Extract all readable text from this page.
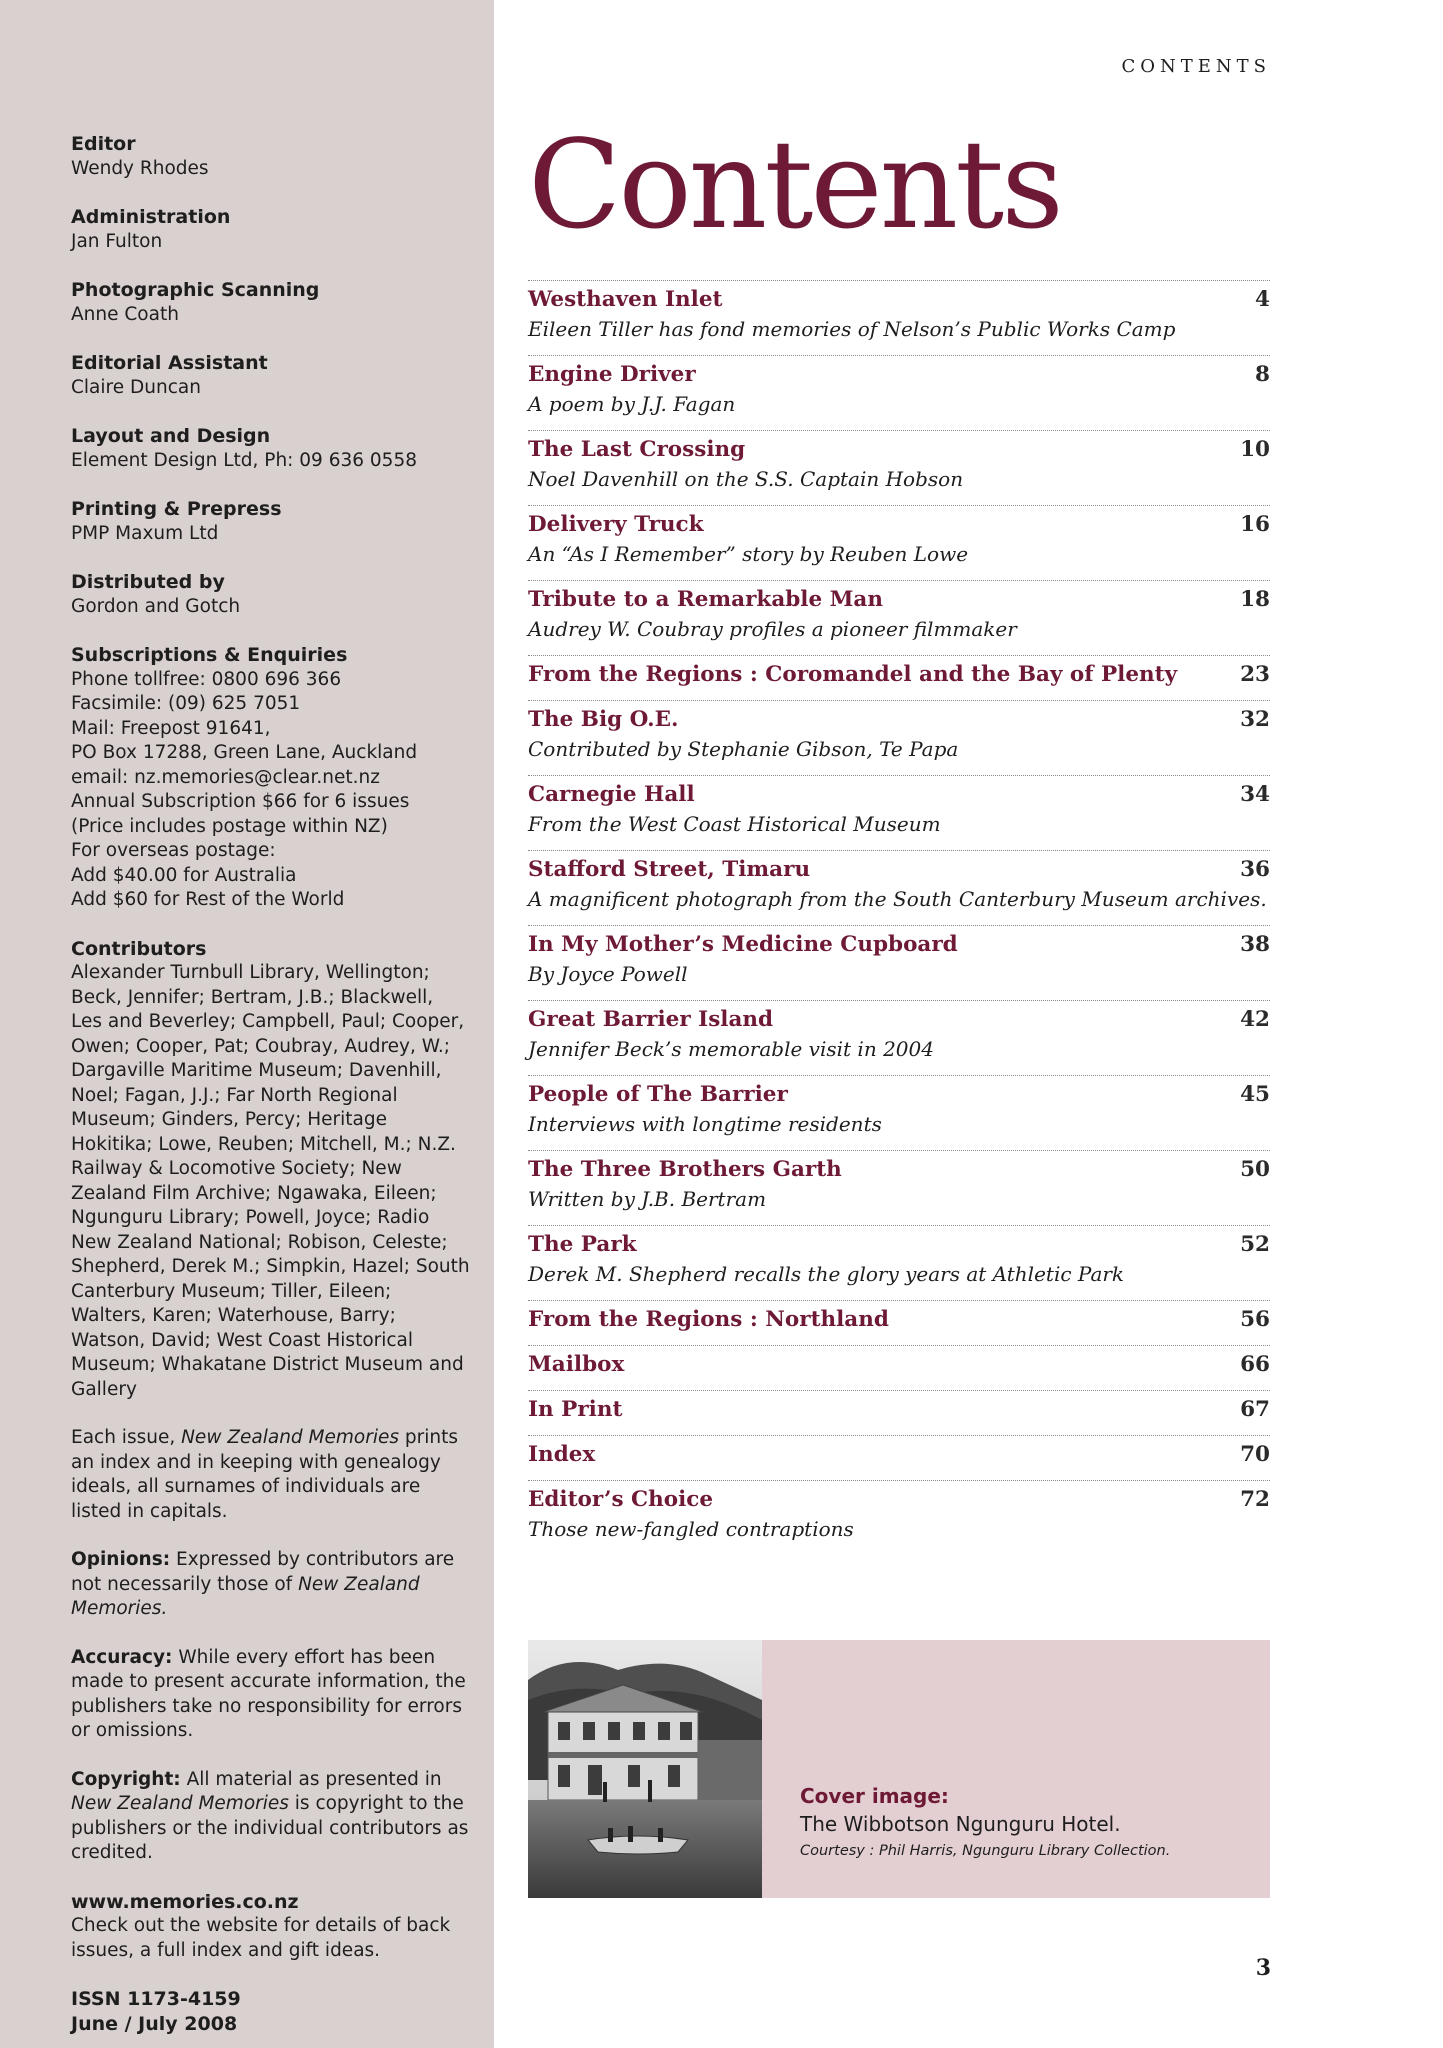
Editor
Wendy Rhodes
Administration
Jan Fulton
Photographic Scanning
Anne Coath
Editorial Assistant
Claire Duncan
Layout and Design
Element Design Ltd, Ph: 09 636 0558
Printing & Prepress
PMP Maxum Ltd
Distributed by
Gordon and Gotch
Subscriptions & Enquiries
Phone tollfree: 0800 696 366
Facsimile: (09) 625 7051
Mail: Freepost 91641,
PO Box 17288, Green Lane, Auckland
email: nz.memories@clear.net.nz
Annual Subscription $66 for 6 issues
(Price includes postage within NZ)
For overseas postage:
Add $40.00 for Australia
Add $60 for Rest of the World
Contributors
Alexander Turnbull Library, Wellington; Beck, Jennifer; Bertram, J.B.; Blackwell, Les and Beverley; Campbell, Paul; Cooper, Owen; Cooper, Pat; Coubray, Audrey, W.; Dargaville Maritime Museum; Davenhill, Noel; Fagan, J.J.; Far North Regional Museum; Ginders, Percy; Heritage Hokitika; Lowe, Reuben; Mitchell, M.; N.Z. Railway & Locomotive Society; New Zealand Film Archive; Ngawaka, Eileen; Ngunguru Library; Powell, Joyce; Radio New Zealand National; Robison, Celeste; Shepherd, Derek M.; Simpkin, Hazel; South Canterbury Museum; Tiller, Eileen; Walters, Karen; Waterhouse, Barry; Watson, David; West Coast Historical Museum; Whakatane District Museum and Gallery
Each issue, New Zealand Memories prints an index and in keeping with genealogy ideals, all surnames of individuals are listed in capitals.
Opinions: Expressed by contributors are not necessarily those of New Zealand Memories.
Accuracy: While every effort has been made to present accurate information, the publishers take no responsibility for errors or omissions.
Copyright: All material as presented in New Zealand Memories is copyright to the publishers or the individual contributors as credited.
www.memories.co.nz
Check out the website for details of back issues, a full index and gift ideas.
ISSN 1173-4159
June / July 2008
CONTENTS
Contents
Westhaven Inlet	4
Eileen Tiller has fond memories of Nelson’s Public Works Camp
Engine Driver	8
A poem by J.J. Fagan
The Last Crossing	10
Noel Davenhill on the S.S. Captain Hobson
Delivery Truck	16
An “As I Remember” story by Reuben Lowe
Tribute to a Remarkable Man	18
Audrey W. Coubray profiles a pioneer filmmaker
From the Regions : Coromandel and the Bay of Plenty	23
The Big O.E.	32
Contributed by Stephanie Gibson, Te Papa
Carnegie Hall	34
From the West Coast Historical Museum
Stafford Street, Timaru	36
A magnificent photograph from the South Canterbury Museum archives.
In My Mother’s Medicine Cupboard	38
By Joyce Powell
Great Barrier Island	42
Jennifer Beck’s memorable visit in 2004
People of The Barrier	45
Interviews with longtime residents
The Three Brothers Garth	50
Written by J.B. Bertram
The Park	52
Derek M. Shepherd recalls the glory years at Athletic Park
From the Regions : Northland	56
Mailbox	66
In Print	67
Index	70
Editor’s Choice	72
Those new-fangled contraptions
Cover image:
The Wibbotson Ngunguru Hotel.
Courtesy : Phil Harris, Ngunguru Library Collection.
3
